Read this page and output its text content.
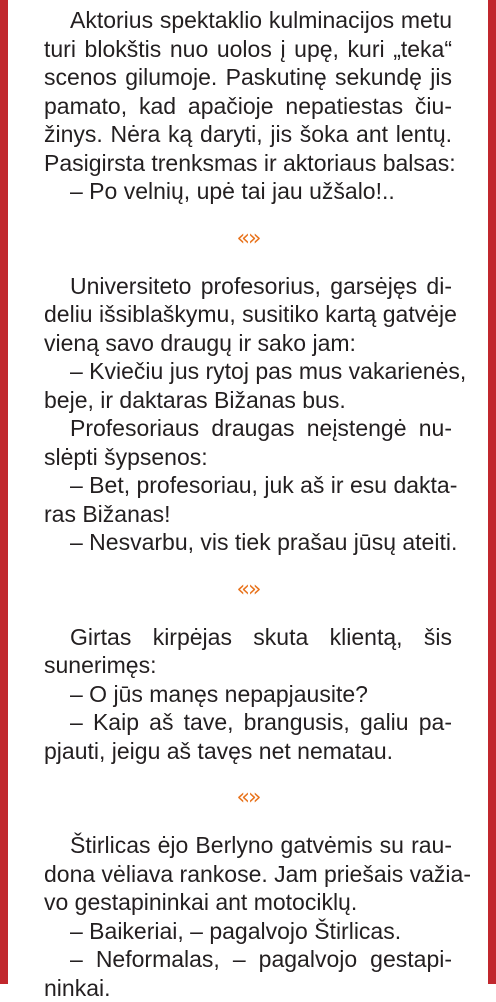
Aktorius spektaklio kulminacijos metu
turi blokštis nuo uolos į upę, kuri „teka“
scenos gilumoje. Paskutinę sekundę jis
pamato, kad apačioje nepatiestas čiu-
žinys. Nėra ką daryti, jis šoka ant lentų.
Pasigirsta trenksmas ir aktoriaus balsas:
– Po velnių, upė tai jau užšalo!..
«»
Universiteto profesorius, garsėjęs di-
deliu išsiblaškymu, susitiko kartą gatvėje
vieną savo draugų ir sako jam:
– Kviečiu jus rytoj pas mus vakarienės,
beje, ir daktaras Bižanas bus.
Profesoriaus draugas neįstengė nu-
slėpti šypsenos:
– Bet, profesoriau, juk aš ir esu dakta-
ras Bižanas!
– Nesvarbu, vis tiek prašau jūsų ateiti.
«»
Girtas kirpėjas skuta klientą, šis
sunerimęs:
– O jūs manęs nepapjausite?
– Kaip aš tave, brangusis, galiu pa-
pjauti, jeigu aš tavęs net nematau.
«»
Štirlicas ėjo Berlyno gatvėmis su rau-
dona vėliava rankose. Jam priešais važia-
vo gestapininkai ant motociklų.
– Baikeriai, – pagalvojo Štirlicas.
– Neformalas, – pagalvojo gestapi-
ninkai.
